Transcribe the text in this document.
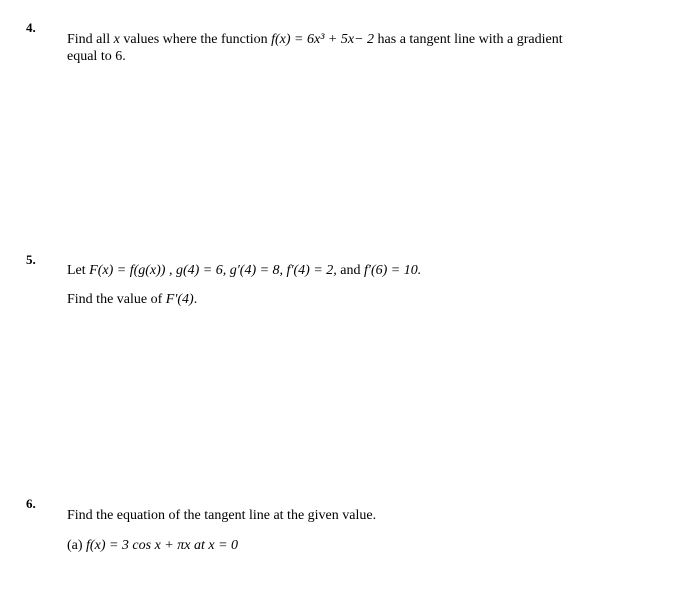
4.
Find all x values where the function f(x) = 6x³ + 5x− 2 has a tangent line with a gradient
equal to 6.
5.
Let F(x) = f(g(x)) , g(4) = 6, g′(4) = 8, f′(4) = 2, and f′(6) = 10.
Find the value of F′(4).
6.
Find the equation of the tangent line at the given value.
(a) f(x) = 3 cos x + πx at x = 0
